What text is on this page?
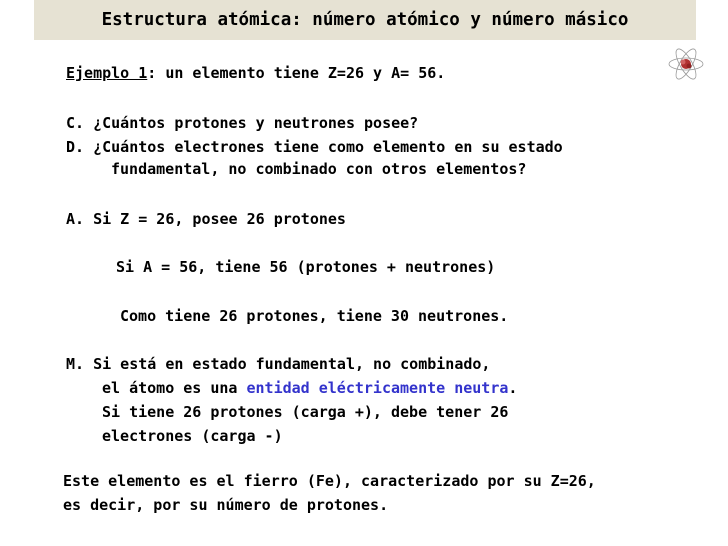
Estructura atómica: número atómico y número másico
Ejemplo 1: un elemento tiene Z=26 y A= 56.
C. ¿Cuántos protones y neutrones posee?
D. ¿Cuántos electrones tiene como elemento en su estado
fundamental, no combinado con otros elementos?
A. Si Z = 26, posee 26 protones
Si A = 56, tiene 56 (protones + neutrones)
Como tiene 26 protones, tiene 30 neutrones.
M. Si está en estado fundamental, no combinado,
el átomo es una entidad eléctricamente neutra.
Si tiene 26 protones (carga +), debe tener 26
electrones (carga -)
Este elemento es el fierro (Fe), caracterizado por su Z=26,
es decir, por su número de protones.
